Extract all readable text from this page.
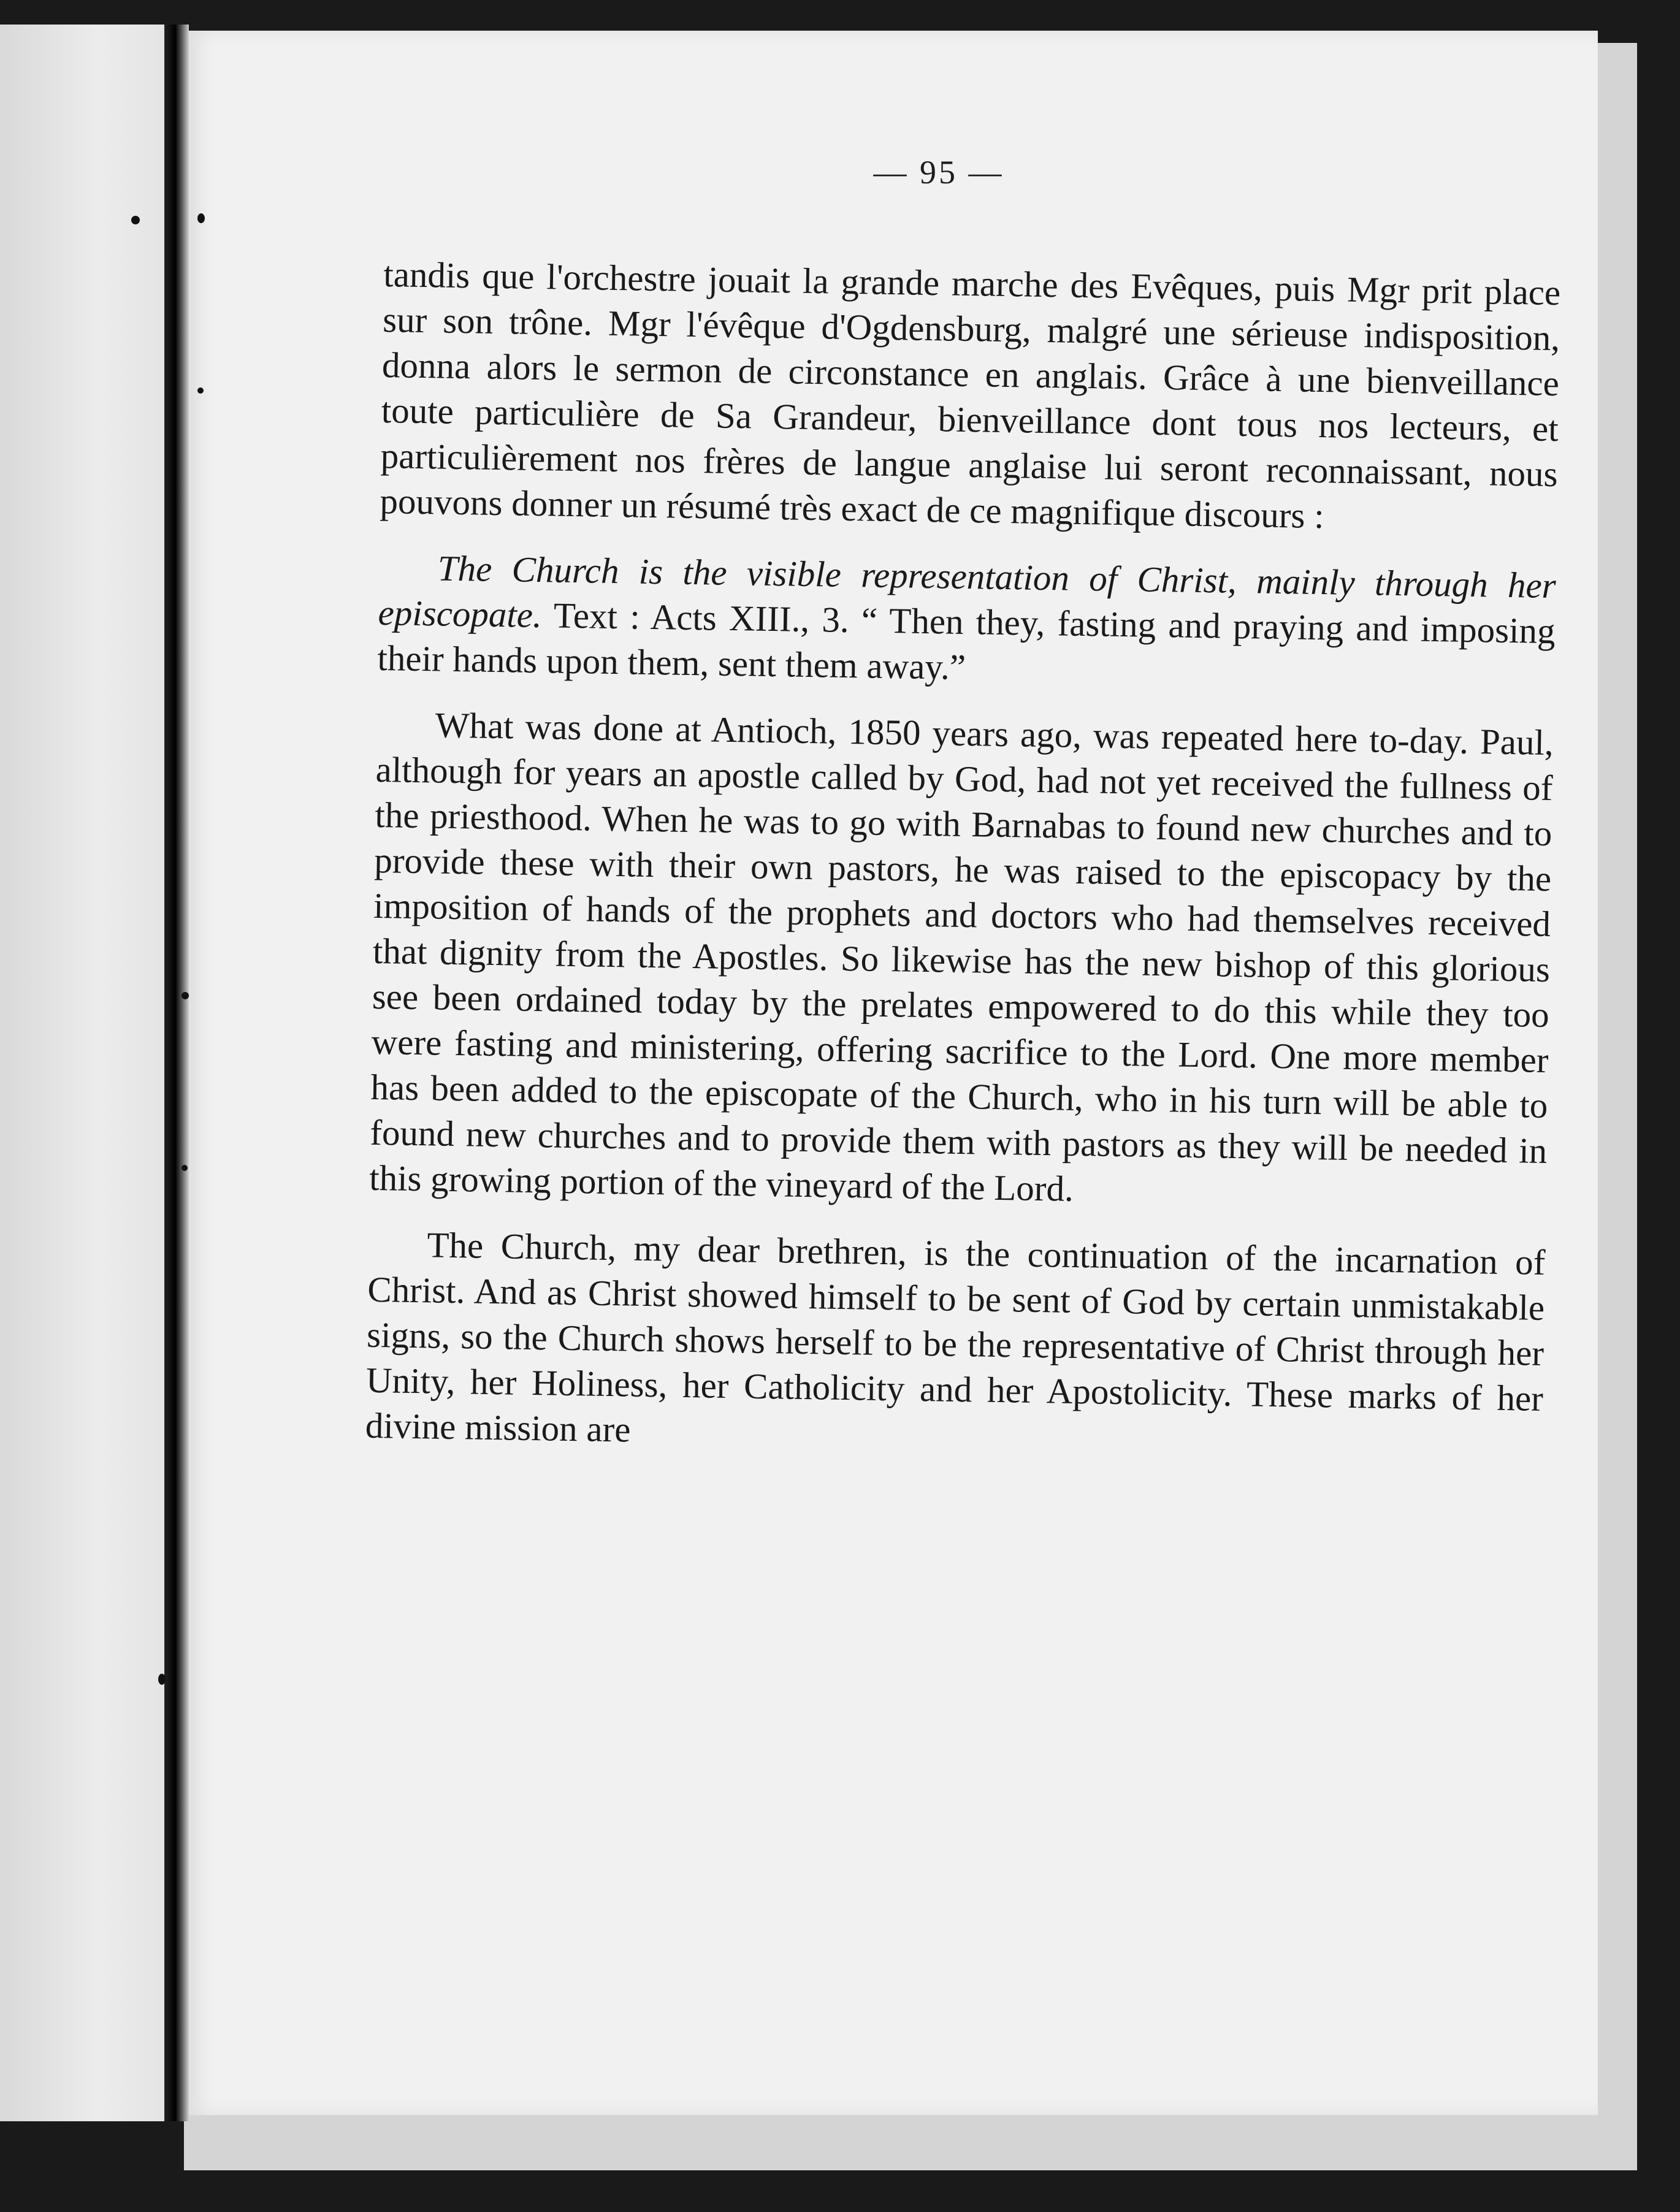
— 95 —

tandis que l'orchestre jouait la grande marche des Evêques, puis Mgr prit place sur son trône. Mgr l'évêque d'Ogdensburg, malgré une sérieuse indisposition, donna alors le sermon de circonstance en anglais. Grâce à une bienveillance toute particulière de Sa Grandeur, bienveillance dont tous nos lecteurs, et particulièrement nos frères de langue anglaise lui seront reconnaissant, nous pouvons donner un résumé très exact de ce magnifique discours :

The Church is the visible representation of Christ, mainly through her episcopate. Text : Acts XIII., 3. “ Then they, fasting and praying and imposing their hands upon them, sent them away.”

What was done at Antioch, 1850 years ago, was repeated here to-day. Paul, although for years an apostle called by God, had not yet received the fullness of the priesthood. When he was to go with Barnabas to found new churches and to provide these with their own pastors, he was raised to the episcopacy by the imposition of hands of the prophets and doctors who had themselves received that dignity from the Apostles. So likewise has the new bishop of this glorious see been ordained today by the prelates empowered to do this while they too were fasting and ministering, offering sacrifice to the Lord. One more member has been added to the episcopate of the Church, who in his turn will be able to found new churches and to provide them with pastors as they will be needed in this growing portion of the vineyard of the Lord.

The Church, my dear brethren, is the continuation of the incarnation of Christ. And as Christ showed himself to be sent of God by certain unmistakable signs, so the Church shows herself to be the representative of Christ through her Unity, her Holiness, her Catholicity and her Apostolicity. These marks of her divine mission are
